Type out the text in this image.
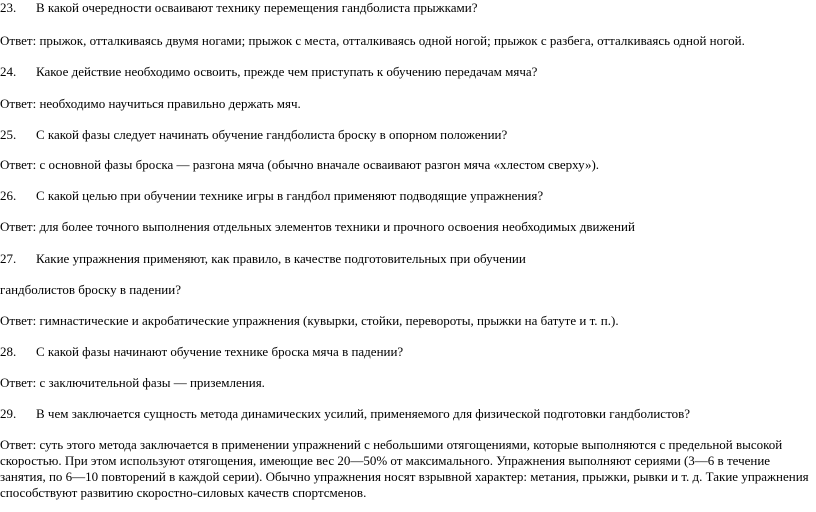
23. В какой очередности осваивают технику перемещения гандболиста прыжками?
Ответ: прыжок, отталкиваясь двумя ногами; прыжок с места, отталкиваясь одной ногой; прыжок с разбега, отталкиваясь одной ногой.
24. Какое действие необходимо освоить, прежде чем приступать к обучению передачам мяча?
Ответ: необходимо научиться правильно держать мяч.
25. С какой фазы следует начинать обучение гандболиста броску в опорном положении?
Ответ: с основной фазы броска — разгона мяча (обычно вначале осваивают разгон мяча «хлестом сверху»).
26. С какой целью при обучении технике игры в гандбол применяют подводящие упражнения?
Ответ: для более точного выполнения отдельных элементов техники и прочного освоения необходимых движений
27. Какие упражнения применяют, как правило, в качестве подготовительных при обучении
гандболистов броску в падении?
Ответ: гимнастические и акробатические упражнения (кувырки, стойки, перевороты, прыжки на батуте и т. п.).
28. С какой фазы начинают обучение технике броска мяча в падении?
Ответ: с заключительной фазы — приземления.
29. В чем заключается сущность метода динамических усилий, применяемого для физической подготовки гандболистов?
Ответ: суть этого метода заключается в применении упражнений с небольшими отягощениями, которые выполняются с предельной высокой скоростью. При этом используют отягощения, имеющие вес 20—50% от максимального. Упражнения выполняют сериями (3—6 в течение занятия, по 6—10 повторений в каждой серии). Обычно упражнения носят взрывной характер: метания, прыжки, рывки и т. д. Такие упражнения способствуют развитию скоростно-силовых качеств спортсменов.
